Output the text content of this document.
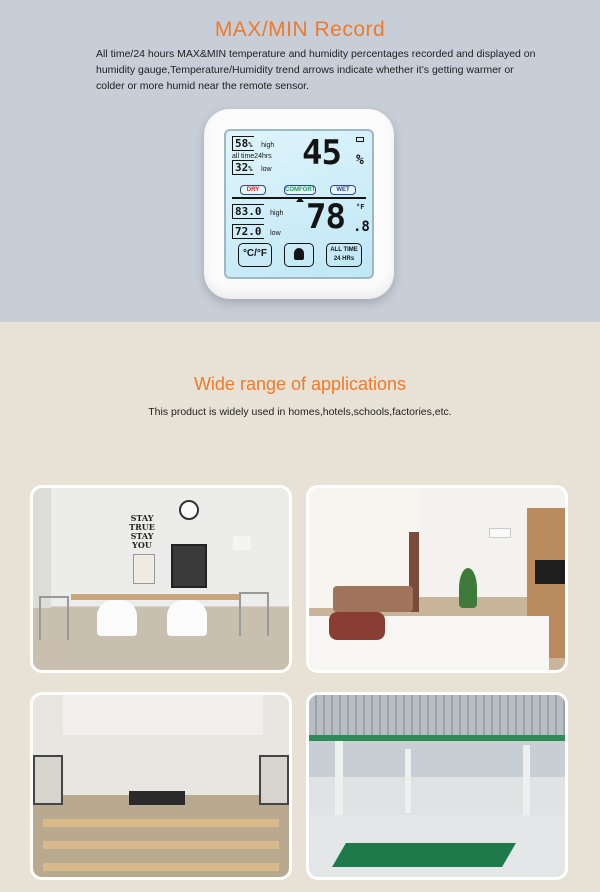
MAX/MIN Record
All time/24 hours MAX&MIN temperature and humidity percentages recorded and displayed on humidity gauge,Temperature/Humidity trend arrows indicate whether it’s getting warmer or colder or more humid near the remote sensor.
58% high
all time24hrs
32% low 45 %
DRY	COMFORT	WET
83.0 high
72.0 low 78 .8
°F
°C/°F	ALL TIME
24 HRs
Wide range of applications
This product is widely used in homes,hotels,schools,factories,etc.
STAY TRUE STAY YOU
